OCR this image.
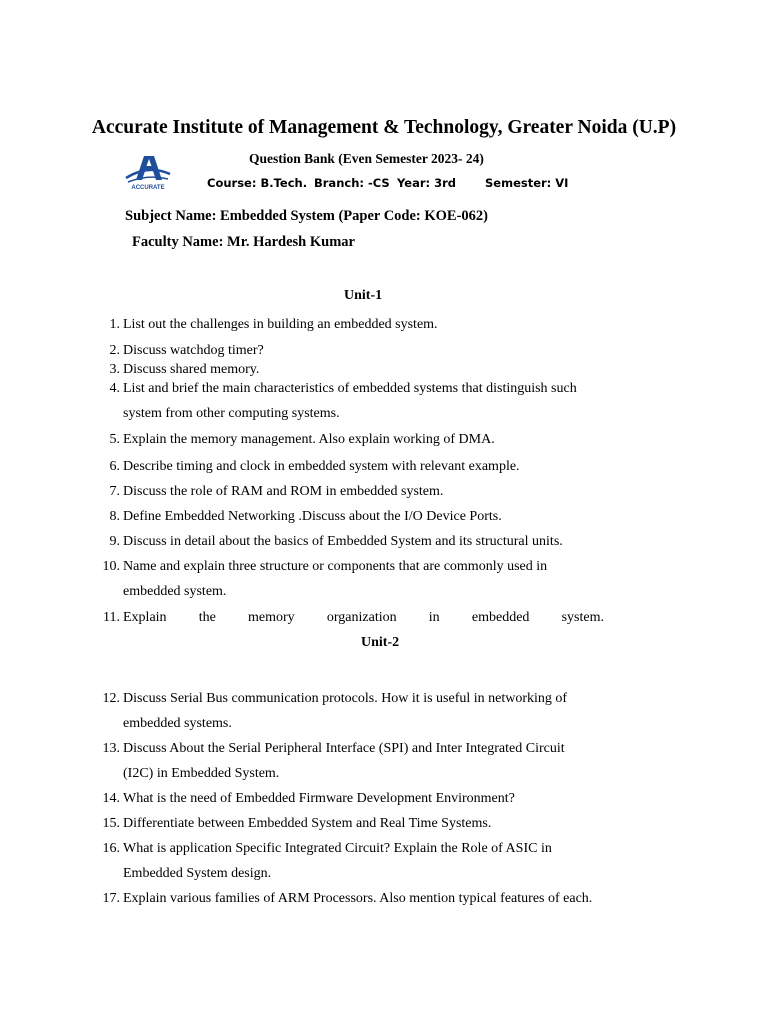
Accurate Institute of Management & Technology, Greater Noida (U.P)
ACCURATE
Question Bank (Even Semester 2023- 24)
Course: B.Tech. Branch: -CS Year: 3rd	Semester: VI
Subject Name: Embedded System (Paper Code: KOE-062)
Faculty Name: Mr. Hardesh Kumar
Unit-1
1. List out the challenges in building an embedded system.
2. Discuss watchdog timer?
3. Discuss shared memory.
4. List and brief the main characteristics of embedded systems that distinguish such
system from other computing systems.
5. Explain the memory management. Also explain working of DMA.
6. Describe timing and clock in embedded system with relevant example.
7. Discuss the role of RAM and ROM in embedded system.
8. Define Embedded Networking .Discuss about the I/O Device Ports.
9. Discuss in detail about the basics of Embedded System and its structural units.
10. Name and explain three structure or components that are commonly used in
embedded system.
11. Explain the memory organization in embedded system.
Unit-2
12. Discuss Serial Bus communication protocols. How it is useful in networking of
embedded systems.
13. Discuss About the Serial Peripheral Interface (SPI) and Inter Integrated Circuit
(I2C) in Embedded System.
14. What is the need of Embedded Firmware Development Environment?
15. Differentiate between Embedded System and Real Time Systems.
16. What is application Specific Integrated Circuit? Explain the Role of ASIC in
Embedded System design.
17. Explain various families of ARM Processors. Also mention typical features of each.
